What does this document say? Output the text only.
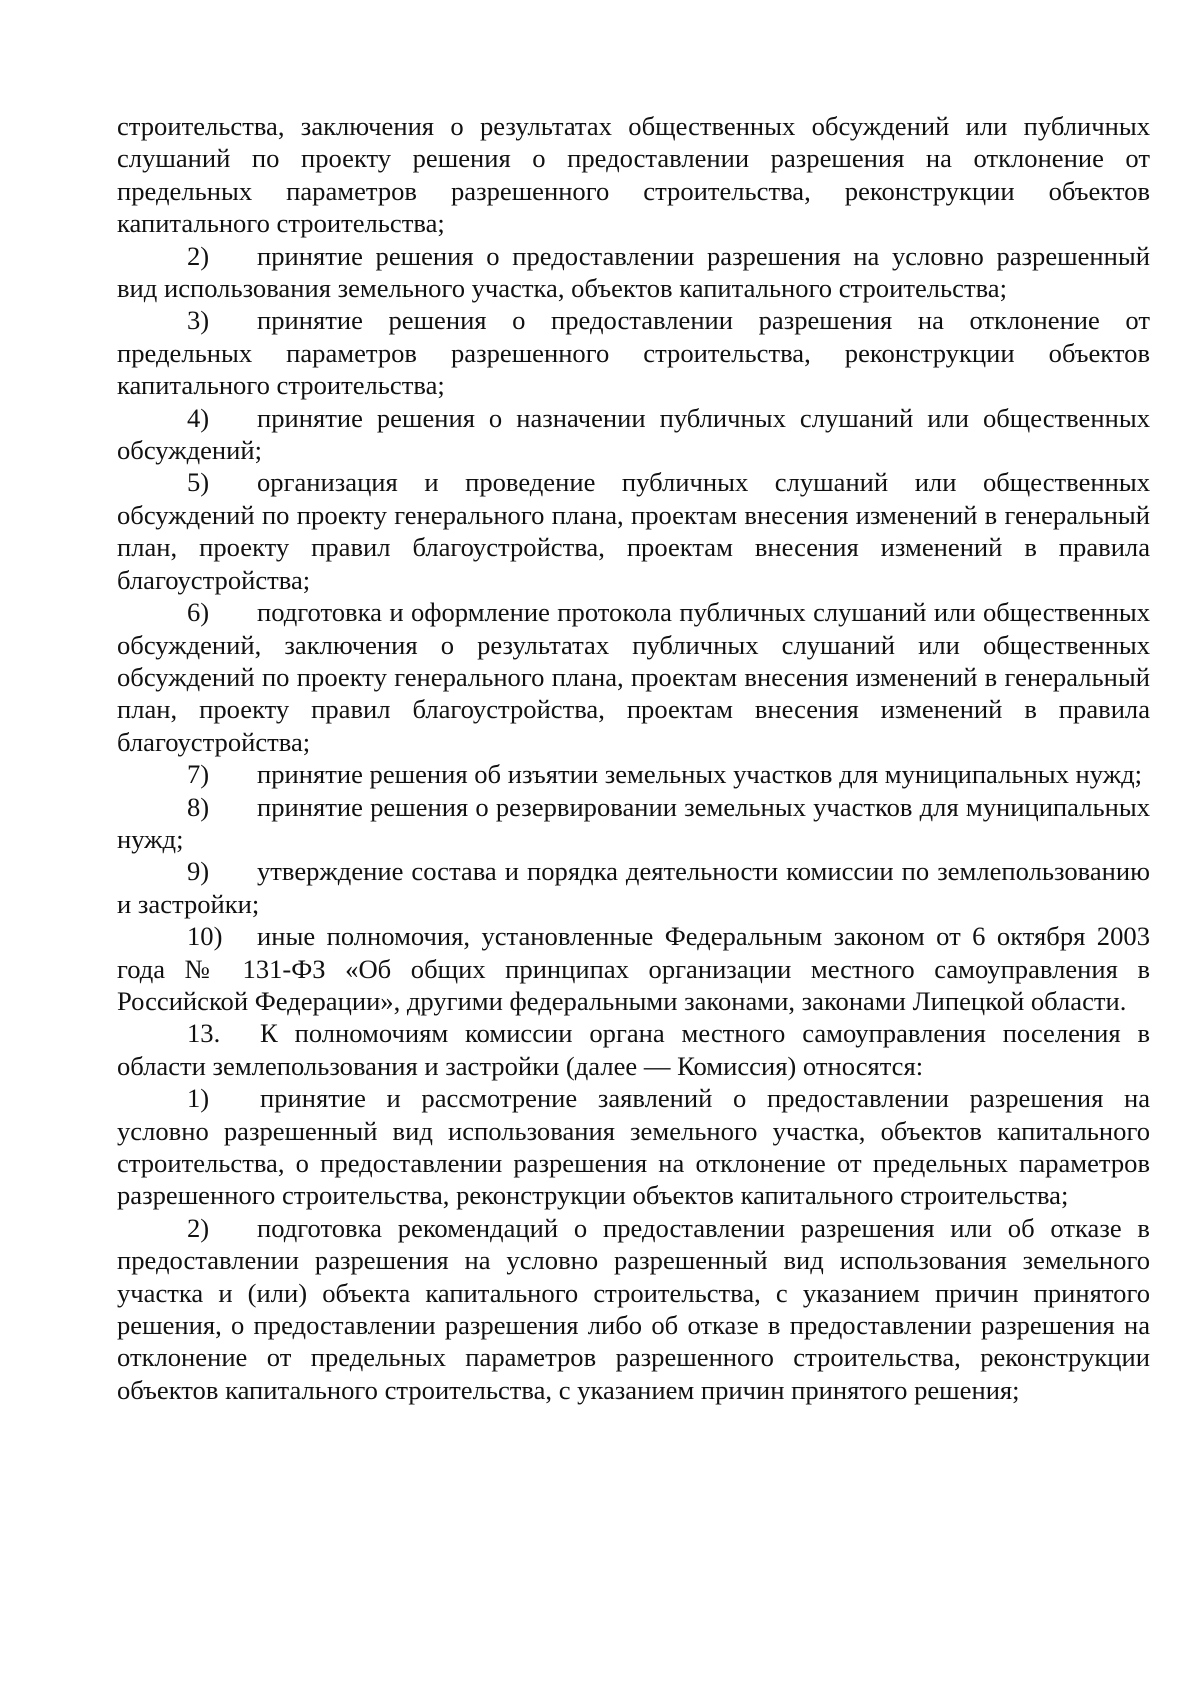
строительства, заключения о результатах общественных обсуждений или публичных слушаний по проекту решения о предоставлении разрешения на отклонение от предельных параметров разрешенного строительства, реконструкции объектов капитального строительства;

2) принятие решения о предоставлении разрешения на условно разрешенный вид использования земельного участка, объектов капитального строительства;

3) принятие решения о предоставлении разрешения на отклонение от предельных параметров разрешенного строительства, реконструкции объектов капитального строительства;

4) принятие решения о назначении публичных слушаний или общественных обсуждений;

5) организация и проведение публичных слушаний или общественных обсуждений по проекту генерального плана, проектам внесения изменений в генеральный план, проекту правил благоустройства, проектам внесения изменений в правила благоустройства;

6) подготовка и оформление протокола публичных слушаний или общественных обсуждений, заключения о результатах публичных слушаний или общественных обсуждений по проекту генерального плана, проектам внесения изменений в генеральный план, проекту правил благоустройства, проектам внесения изменений в правила благоустройства;

7) принятие решения об изъятии земельных участков для муниципальных нужд;

8) принятие решения о резервировании земельных участков для муниципальных нужд;

9) утверждение состава и порядка деятельности комиссии по землепользованию и застройки;

10) иные полномочия, установленные Федеральным законом от 6 октября 2003 года № 131-ФЗ «Об общих принципах организации местного самоуправления в Российской Федерации», другими федеральными законами, законами Липецкой области.

13. К полномочиям комиссии органа местного самоуправления поселения в области землепользования и застройки (далее — Комиссия) относятся:

1) принятие и рассмотрение заявлений о предоставлении разрешения на условно разрешенный вид использования земельного участка, объектов капитального строительства, о предоставлении разрешения на отклонение от предельных параметров разрешенного строительства, реконструкции объектов капитального строительства;

2) подготовка рекомендаций о предоставлении разрешения или об отказе в предоставлении разрешения на условно разрешенный вид использования земельного участка и (или) объекта капитального строительства, с указанием причин принятого решения, о предоставлении разрешения либо об отказе в предоставлении разрешения на отклонение от предельных параметров разрешенного строительства, реконструкции объектов капитального строительства, с указанием причин принятого решения;
